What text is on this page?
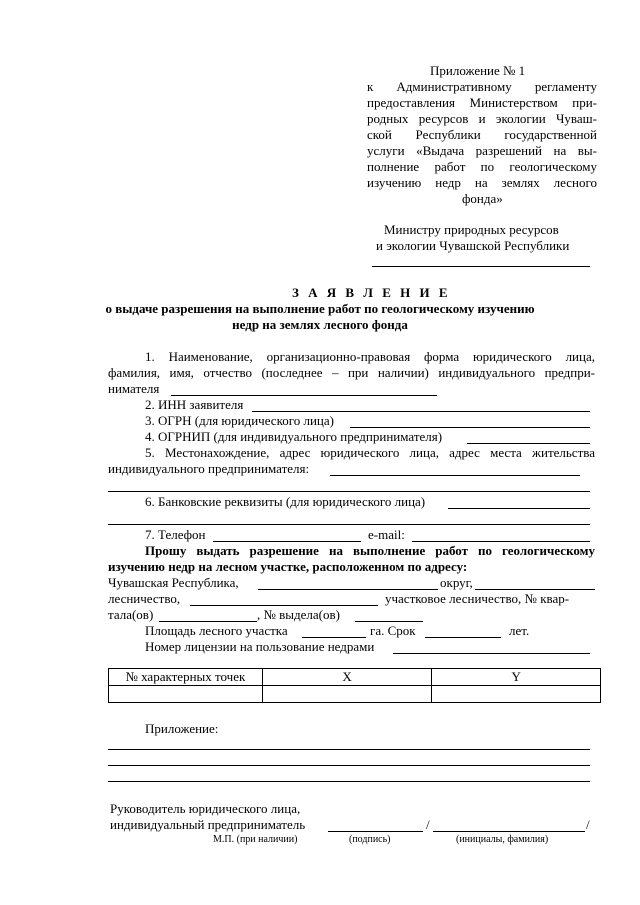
Приложение № 1
к Административному регламенту
предоставления Министерством при-
родных ресурсов и экологии Чуваш-
ской Республики государственной
услуги «Выдача разрешений на вы-
полнение работ по геологическому
изучению недр на землях лесного
фонда»
Министру природных ресурсов
и экологии Чувашской Республики
З А Я В Л Е Н И Е
о выдаче разрешения на выполнение работ по геологическому изучению
недр на землях лесного фонда
1. Наименование, организационно-правовая форма юридического лица,
фамилия, имя, отчество (последнее – при наличии) индивидуального предпри-
нимателя
2. ИНН заявителя
3. ОГРН (для юридического лица)
4. ОГРНИП (для индивидуального предпринимателя)
5. Местонахождение, адрес юридического лица, адрес места жительства
индивидуального предпринимателя:
6. Банковские реквизиты (для юридического лица)
7. Телефон	e-mail:
Прошу выдать разрешение на выполнение работ по геологическому
изучению недр на лесном участке, расположенном по адресу:
Чувашская Республика,	округ,
лесничество,	участковое лесничество, № квар-
тала(ов)	, № выдела(ов)
Площадь лесного участка	га. Срок	лет.
Номер лицензии на пользование недрами
№ характерных точек	X	Y

Приложение:
Руководитель юридического лица,
индивидуальный предприниматель	/	/
М.П. (при наличии)	(подпись)	(инициалы, фамилия)
